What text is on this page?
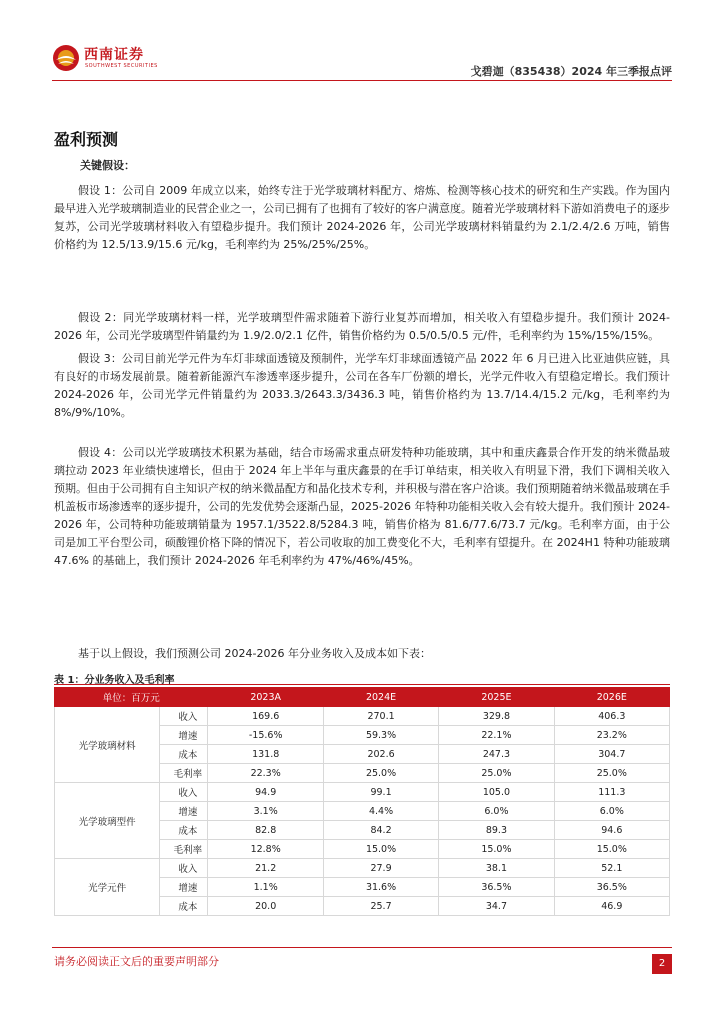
西南证券
SOUTHWEST SECURITIES	戈碧迦（835438）2024 年三季报点评
盈利预测
关键假设：

假设 1：公司自 2009 年成立以来，始终专注于光学玻璃材料配方、熔炼、检测等核心技术的研究和生产实践。作为国内最早进入光学玻璃制造业的民营企业之一，公司已拥有了也拥有了较好的客户满意度。随着光学玻璃材料下游如消费电子的逐步复苏，公司光学玻璃材料收入有望稳步提升。我们预计 2024-2026 年，公司光学玻璃材料销量约为 2.1/2.4/2.6 万吨，销售价格约为 12.5/13.9/15.6 元/kg，毛利率约为 25%/25%/25%。

假设 2：同光学玻璃材料一样，光学玻璃型件需求随着下游行业复苏而增加，相关收入有望稳步提升。我们预计 2024-2026 年，公司光学玻璃型件销量约为 1.9/2.0/2.1 亿件，销售价格约为 0.5/0.5/0.5 元/件，毛利率约为 15%/15%/15%。

假设 3：公司目前光学元件为车灯非球面透镜及预制件，光学车灯非球面透镜产品 2022 年 6 月已进入比亚迪供应链，具有良好的市场发展前景。随着新能源汽车渗透率逐步提升，公司在各车厂份额的增长，光学元件收入有望稳定增长。我们预计 2024-2026 年，公司光学元件销量约为 2033.3/2643.3/3436.3 吨，销售价格约为 13.7/14.4/15.2 元/kg，毛利率约为 8%/9%/10%。

假设 4：公司以光学玻璃技术积累为基础，结合市场需求重点研发特种功能玻璃，其中和重庆鑫景合作开发的纳米微晶玻璃拉动 2023 年业绩快速增长，但由于 2024 年上半年与重庆鑫景的在手订单结束，相关收入有明显下滑，我们下调相关收入预期。但由于公司拥有自主知识产权的纳米微晶配方和晶化技术专利，并积极与潜在客户洽谈。我们预期随着纳米微晶玻璃在手机盖板市场渗透率的逐步提升，公司的先发优势会逐渐凸显，2025-2026 年特种功能相关收入会有较大提升。我们预计 2024-2026 年，公司特种功能玻璃销量为 1957.1/3522.8/5284.3 吨，销售价格为 81.6/77.6/73.7 元/kg。毛利率方面，由于公司是加工平台型公司，硕酸锂价格下降的情况下，若公司收取的加工费变化不大，毛利率有望提升。在 2024H1 特种功能玻璃 47.6% 的基础上，我们预计 2024-2026 年毛利率约为 47%/46%/45%。

基于以上假设，我们预测公司 2024-2026 年分业务收入及成本如下表：

表 1：分业务收入及毛利率
单位：百万元		2023A	2024E	2025E	2026E
光学玻璃材料	收入	169.6	270.1	329.8	406.3
	增速	-15.6%	59.3%	22.1%	23.2%
	成本	131.8	202.6	247.3	304.7
	毛利率	22.3%	25.0%	25.0%	25.0%
光学玻璃型件	收入	94.9	99.1	105.0	111.3
	增速	3.1%	4.4%	6.0%	6.0%
	成本	82.8	84.2	89.3	94.6
	毛利率	12.8%	15.0%	15.0%	15.0%
光学元件	收入	21.2	27.9	38.1	52.1
	增速	1.1%	31.6%	36.5%	36.5%
	成本	20.0	25.7	34.7	46.9
请务必阅读正文后的重要声明部分	2
